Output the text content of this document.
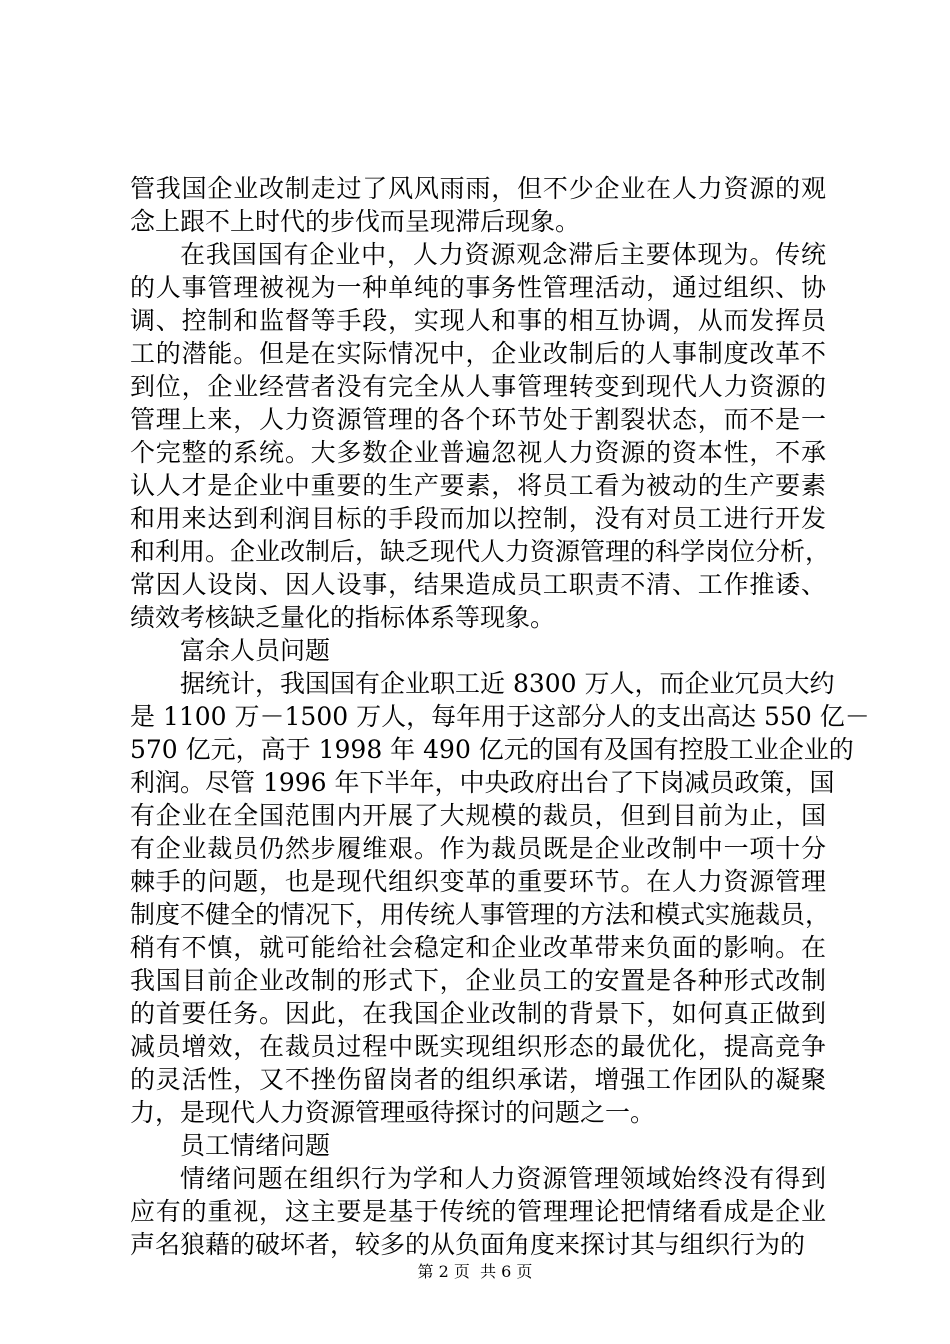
管我国企业改制走过了风风雨雨，但不少企业在人力资源的观
念上跟不上时代的步伐而呈现滞后现象。
在我国国有企业中，人力资源观念滞后主要体现为。传统
的人事管理被视为一种单纯的事务性管理活动，通过组织、协
调、控制和监督等手段，实现人和事的相互协调，从而发挥员
工的潜能。但是在实际情况中，企业改制后的人事制度改革不
到位，企业经营者没有完全从人事管理转变到现代人力资源的
管理上来，人力资源管理的各个环节处于割裂状态，而不是一
个完整的系统。大多数企业普遍忽视人力资源的资本性，不承
认人才是企业中重要的生产要素，将员工看为被动的生产要素
和用来达到利润目标的手段而加以控制，没有对员工进行开发
和利用。企业改制后，缺乏现代人力资源管理的科学岗位分析，
常因人设岗、因人设事，结果造成员工职责不清、工作推诿、
绩效考核缺乏量化的指标体系等现象。
富余人员问题
据统计，我国国有企业职工近 8300 万人，而企业冗员大约
是 1100 万－1500 万人，每年用于这部分人的支出高达 550 亿－
570 亿元，高于 1998 年 490 亿元的国有及国有控股工业企业的
利润。尽管 1996 年下半年，中央政府出台了下岗减员政策，国
有企业在全国范围内开展了大规模的裁员，但到目前为止，国
有企业裁员仍然步履维艰。作为裁员既是企业改制中一项十分
棘手的问题，也是现代组织变革的重要环节。在人力资源管理
制度不健全的情况下，用传统人事管理的方法和模式实施裁员，
稍有不慎，就可能给社会稳定和企业改革带来负面的影响。在
我国目前企业改制的形式下，企业员工的安置是各种形式改制
的首要任务。因此，在我国企业改制的背景下，如何真正做到
减员增效，在裁员过程中既实现组织形态的最优化，提高竞争
的灵活性，又不挫伤留岗者的组织承诺，增强工作团队的凝聚
力，是现代人力资源管理亟待探讨的问题之一。
员工情绪问题
情绪问题在组织行为学和人力资源管理领域始终没有得到
应有的重视，这主要是基于传统的管理理论把情绪看成是企业
声名狼藉的破坏者，较多的从负面角度来探讨其与组织行为的
第 2 页  共 6 页
